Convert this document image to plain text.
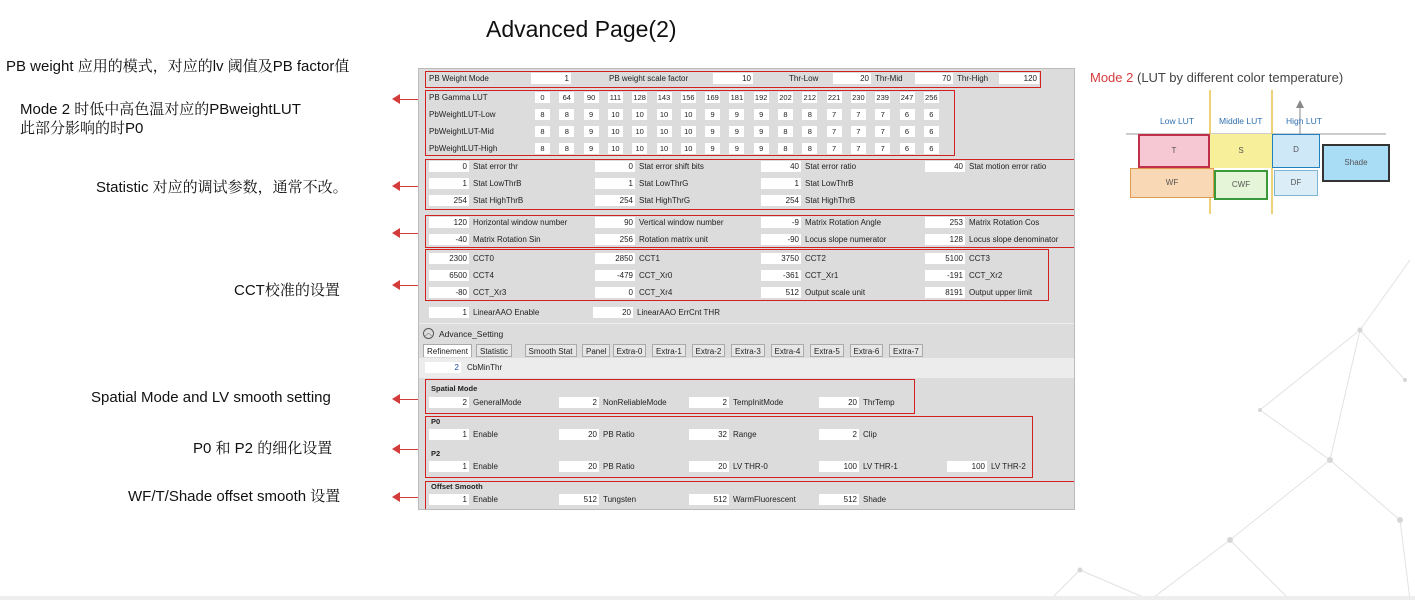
Advanced Page(2)
PB weight 应用的模式，对应的lv 阈值及PB factor值
Mode 2 时低中高色温对应的PBweightLUT
此部分影响的时P0
Statistic 对应的调试参数，通常不改。
CCT校准的设置
Spatial Mode and LV smooth setting
P0 和 P2 的细化设置
WF/T/Shade offset smooth 设置
PB Weight Mode	1	PB weight scale factor	10	Thr-Low	20 Thr-Mid	70 Thr-High	120
PB Gamma LUT	0	64	90	111 128 143 156 169 181 192 202 212 221 230 239 247 256
PbWeightLUT-Low	8	8	9	10	10	10	10	9	9	9	8	8	7	7	7	6	6
PbWeightLUT-Mid	8	8	9	10	10	10	10	9	9	9	8	8	7	7	7	6	6
PbWeightLUT-High	8	8	9	10	10	10	10	9	9	9	8	8	7	7	7	6	6
0 Stat error thr	0 Stat error shift bits	40 Stat error ratio	40 Stat motion error ratio
1 Stat LowThrB	1 Stat LowThrG	1 Stat LowThrB
254 Stat HighThrB	254 Stat HighThrG	254 Stat HighThrB
120 Horizontal window number	90 Vertical window number	-9 Matrix Rotation Angle	253 Matrix Rotation Cos
-40 Matrix Rotation Sin	256 Rotation matrix unit	-90 Locus slope numerator	128 Locus slope denominator
2300 CCT0	2850 CCT1	3750 CCT2	5100 CCT3
6500 CCT4	-479 CCT_Xr0	-361 CCT_Xr1	-191 CCT_Xr2
-80 CCT_Xr3	0 CCT_Xr4	512 Output scale unit	8191 Output upper limit
1 LinearAAO Enable	20 LinearAAO ErrCnt THR
︿ Advance_Setting
Refinement	Statistic	Smooth Stat	Panel	Extra-0	Extra-1	Extra-2	Extra-3	Extra-4	Extra-5	Extra-6	Extra-7
2 CbMinThr
Spatial Mode
2 GeneralMode	2 NonReliableMode	2 TempInitMode	20 ThrTemp
P0
1 Enable	20 PB Ratio	32 Range	2 Clip
P2
1 Enable	20 PB Ratio	20 LV THR-0	100 LV THR-1	100 LV THR-2
Offset Smooth
1 Enable	512 Tungsten	512 WarmFluorescent	512 Shade
Mode 2 (LUT by different color temperature)
Low LUT	Middle LUT	High LUT
T	S	D
Shade
WF	CWF	DF
